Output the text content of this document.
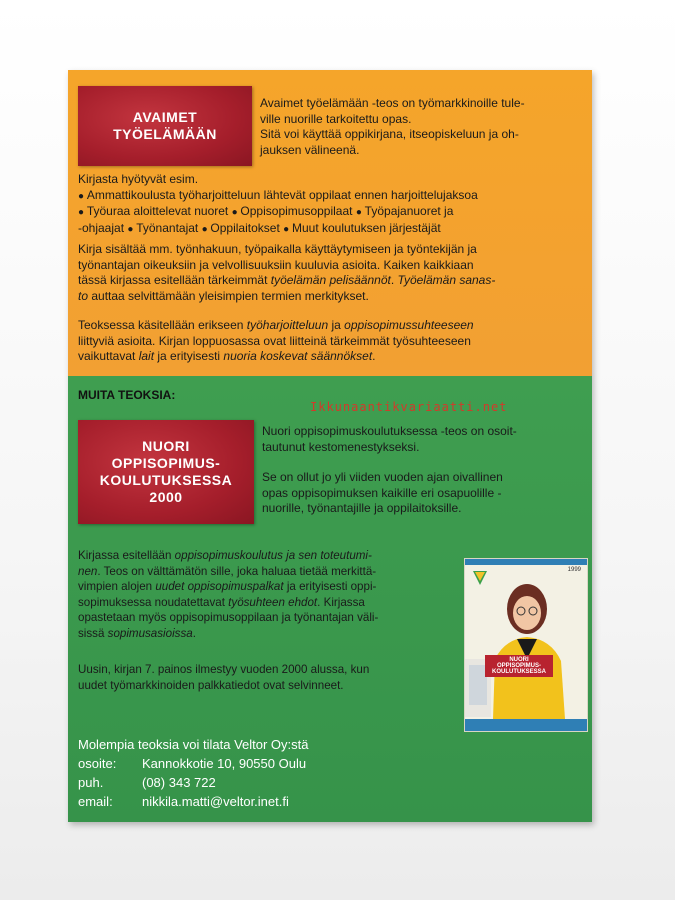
AVAIMET
TYÖELÄMÄÄN
Avaimet työelämään -teos on työmarkkinoille tule-
ville nuorille tarkoitettu opas.
Sitä voi käyttää oppikirjana, itseopiskeluun ja oh-
jauksen välineenä.
Kirjasta hyötyvät esim.
● Ammattikoulusta työharjoitteluun lähtevät oppilaat ennen harjoittelujaksoa
● Työuraa aloittelevat nuoret ● Oppisopimusoppilaat ● Työpajanuoret ja
-ohjaajat ● Työnantajat ● Oppilaitokset ● Muut koulutuksen järjestäjät
Kirja sisältää mm. työnhakuun, työpaikalla käyttäytymiseen ja työntekijän ja
työnantajan oikeuksiin ja velvollisuuksiin kuuluvia asioita. Kaiken kaikkiaan
tässä kirjassa esitellään tärkeimmät työelämän pelisäännöt. Työelämän sanas-
to auttaa selvittämään yleisimpien termien merkitykset.
Teoksessa käsitellään erikseen työharjoitteluun ja oppisopimussuhteeseen
liittyviä asioita. Kirjan loppuosassa ovat liitteinä tärkeimmät työsuhteeseen
vaikuttavat lait ja erityisesti nuoria koskevat säännökset.
MUITA TEOKSIA:
Ikkunaantikvariaatti.net
NUORI
OPPISOPIMUS-
KOULUTUKSESSA
2000
Nuori oppisopimuskoulutuksessa -teos on osoit-
tautunut kestomenestykseksi.
Se on ollut jo yli viiden vuoden ajan oivallinen
opas oppisopimuksen kaikille eri osapuolille -
nuorille, työnantajille ja oppilaitoksille.
Kirjassa esitellään oppisopimuskoulutus ja sen toteutumi-
nen. Teos on välttämätön sille, joka haluaa tietää merkittä-
vimpien alojen uudet oppisopimuspalkat ja erityisesti oppi-
sopimuksessa noudatettavat työsuhteen ehdot. Kirjassa
opastetaan myös oppisopimusoppilaan ja työnantajan väli-
sissä sopimusasioissa.
Uusin, kirjan 7. painos ilmestyy vuoden 2000 alussa, kun
uudet työmarkkinoiden palkkatiedot ovat selvinneet.
1999
NUORI
OPPISOPIMUS-
KOULUTUKSESSA
Molempia teoksia voi tilata Veltor Oy:stä
osoite: Kannokkotie 10, 90550 Oulu
puh.	(08) 343 722
email: nikkila.matti@veltor.inet.fi
